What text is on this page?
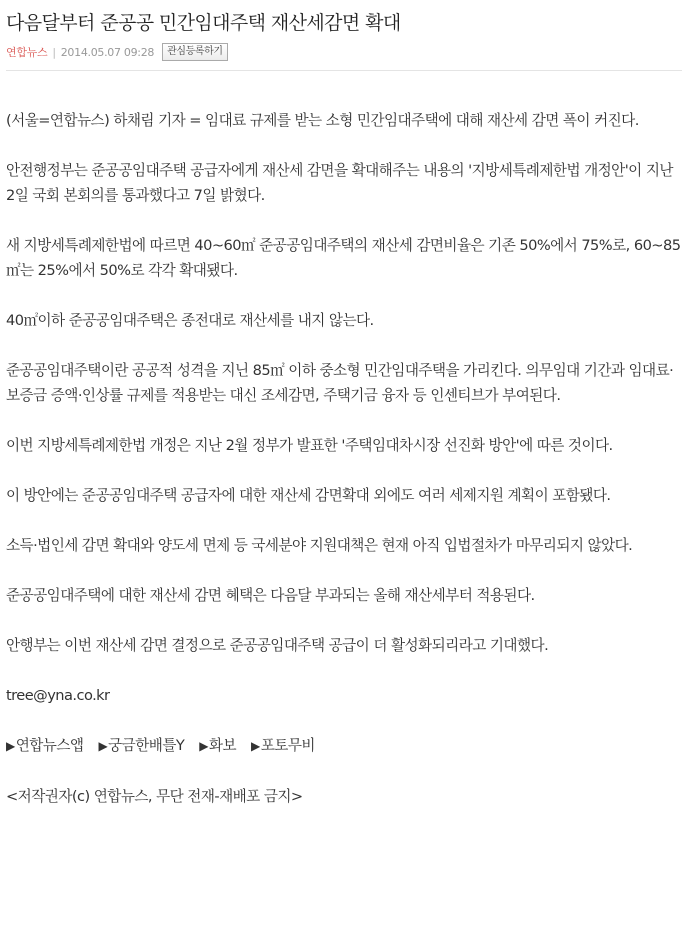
다음달부터 준공공 민간임대주택 재산세감면 확대
연합뉴스 | 2014.05.07 09:28	관심등록하기

(서울=연합뉴스) 하채림 기자 = 임대료 규제를 받는 소형 민간임대주택에 대해 재산세 감면 폭이 커진다.

안전행정부는 준공공임대주택 공급자에게 재산세 감면을 확대해주는 내용의 '지방세특례제한법 개정안'이 지난 2일 국회 본회의를 통과했다고 7일 밝혔다.

새 지방세특례제한법에 따르면 40∼60㎡ 준공공임대주택의 재산세 감면비율은 기존 50%에서 75%로, 60∼85㎡는 25%에서 50%로 각각 확대됐다.

40㎡이하 준공공임대주택은 종전대로 재산세를 내지 않는다.

준공공임대주택이란 공공적 성격을 지닌 85㎡ 이하 중소형 민간임대주택을 가리킨다. 의무임대 기간과 임대료·보증금 증액·인상률 규제를 적용받는 대신 조세감면, 주택기금 융자 등 인센티브가 부여된다.

이번 지방세특례제한법 개정은 지난 2월 정부가 발표한 '주택임대차시장 선진화 방안'에 따른 것이다.

이 방안에는 준공공임대주택 공급자에 대한 재산세 감면확대 외에도 여러 세제지원 계획이 포함됐다.

소득·법인세 감면 확대와 양도세 면제 등 국세분야 지원대책은 현재 아직 입법절차가 마무리되지 않았다.

준공공임대주택에 대한 재산세 감면 혜택은 다음달 부과되는 올해 재산세부터 적용된다.

안행부는 이번 재산세 감면 결정으로 준공공임대주택 공급이 더 활성화되리라고 기대했다.

tree@yna.co.kr

▶연합뉴스앱 ▶궁금한배틀Y ▶화보 ▶포토무비

<저작권자(c) 연합뉴스, 무단 전재-재배포 금지>
